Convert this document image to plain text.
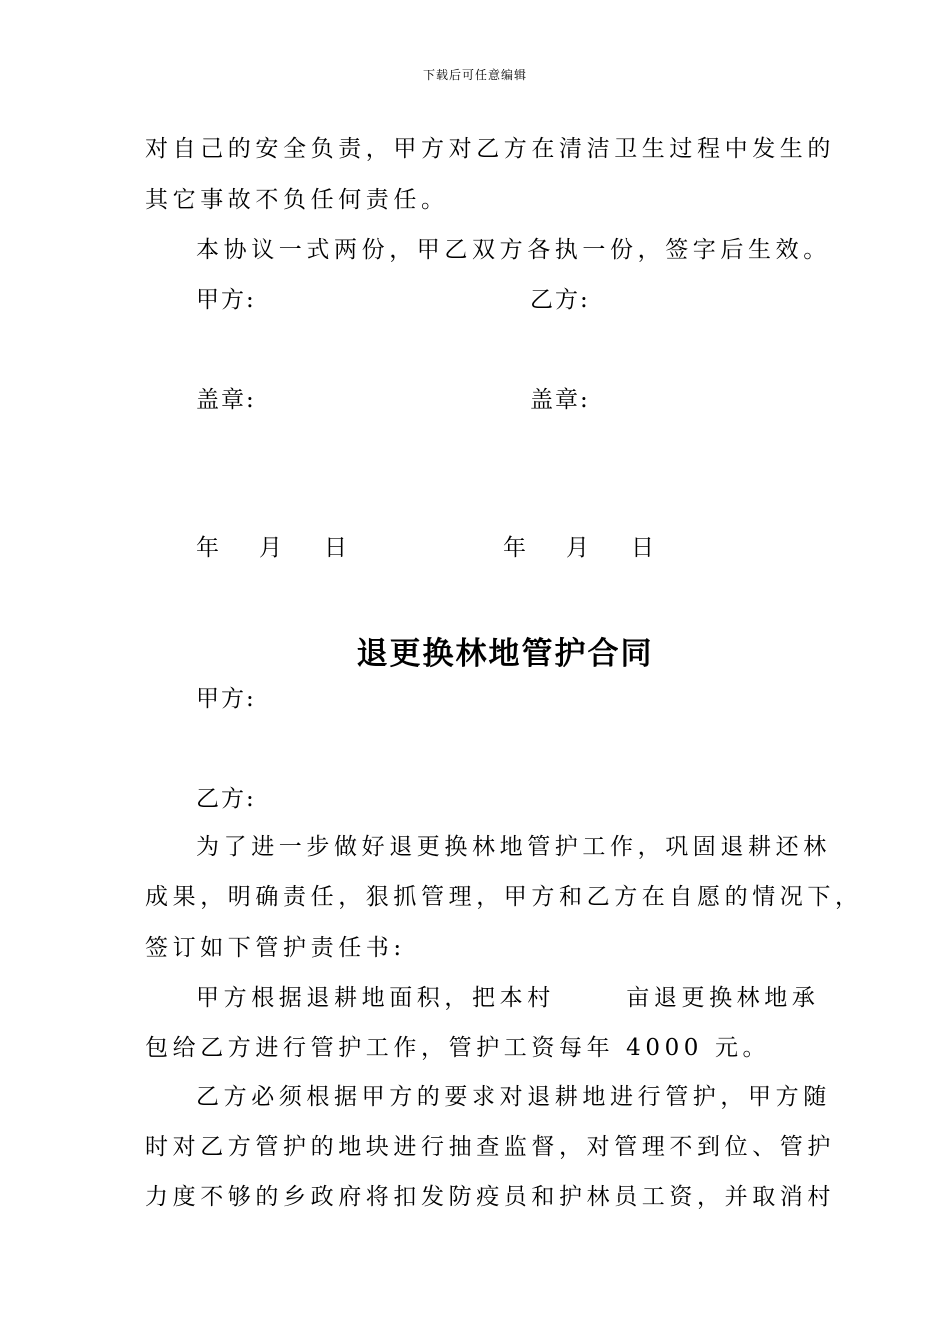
下载后可任意编辑
对自己的安全负责，甲方对乙方在清洁卫生过程中发生的
其它事故不负任何责任。
本协议一式两份，甲乙双方各执一份，签字后生效。
甲方:	乙方:
盖章:	盖章:
年 月 日	年 月 日
退更换林地管护合同
甲方:
乙方:
为了进一步做好退更换林地管护工作，巩固退耕还林
成果，明确责任，狠抓管理，甲方和乙方在自愿的情况下，
签订如下管护责任书:
甲方根据退耕地面积，把本村      亩退更换林地承
包给乙方进行管护工作，管护工资每年 4000 元。
乙方必须根据甲方的要求对退耕地进行管护，甲方随
时对乙方管护的地块进行抽查监督，对管理不到位、管护
力度不够的乡政府将扣发防疫员和护林员工资，并取消村
